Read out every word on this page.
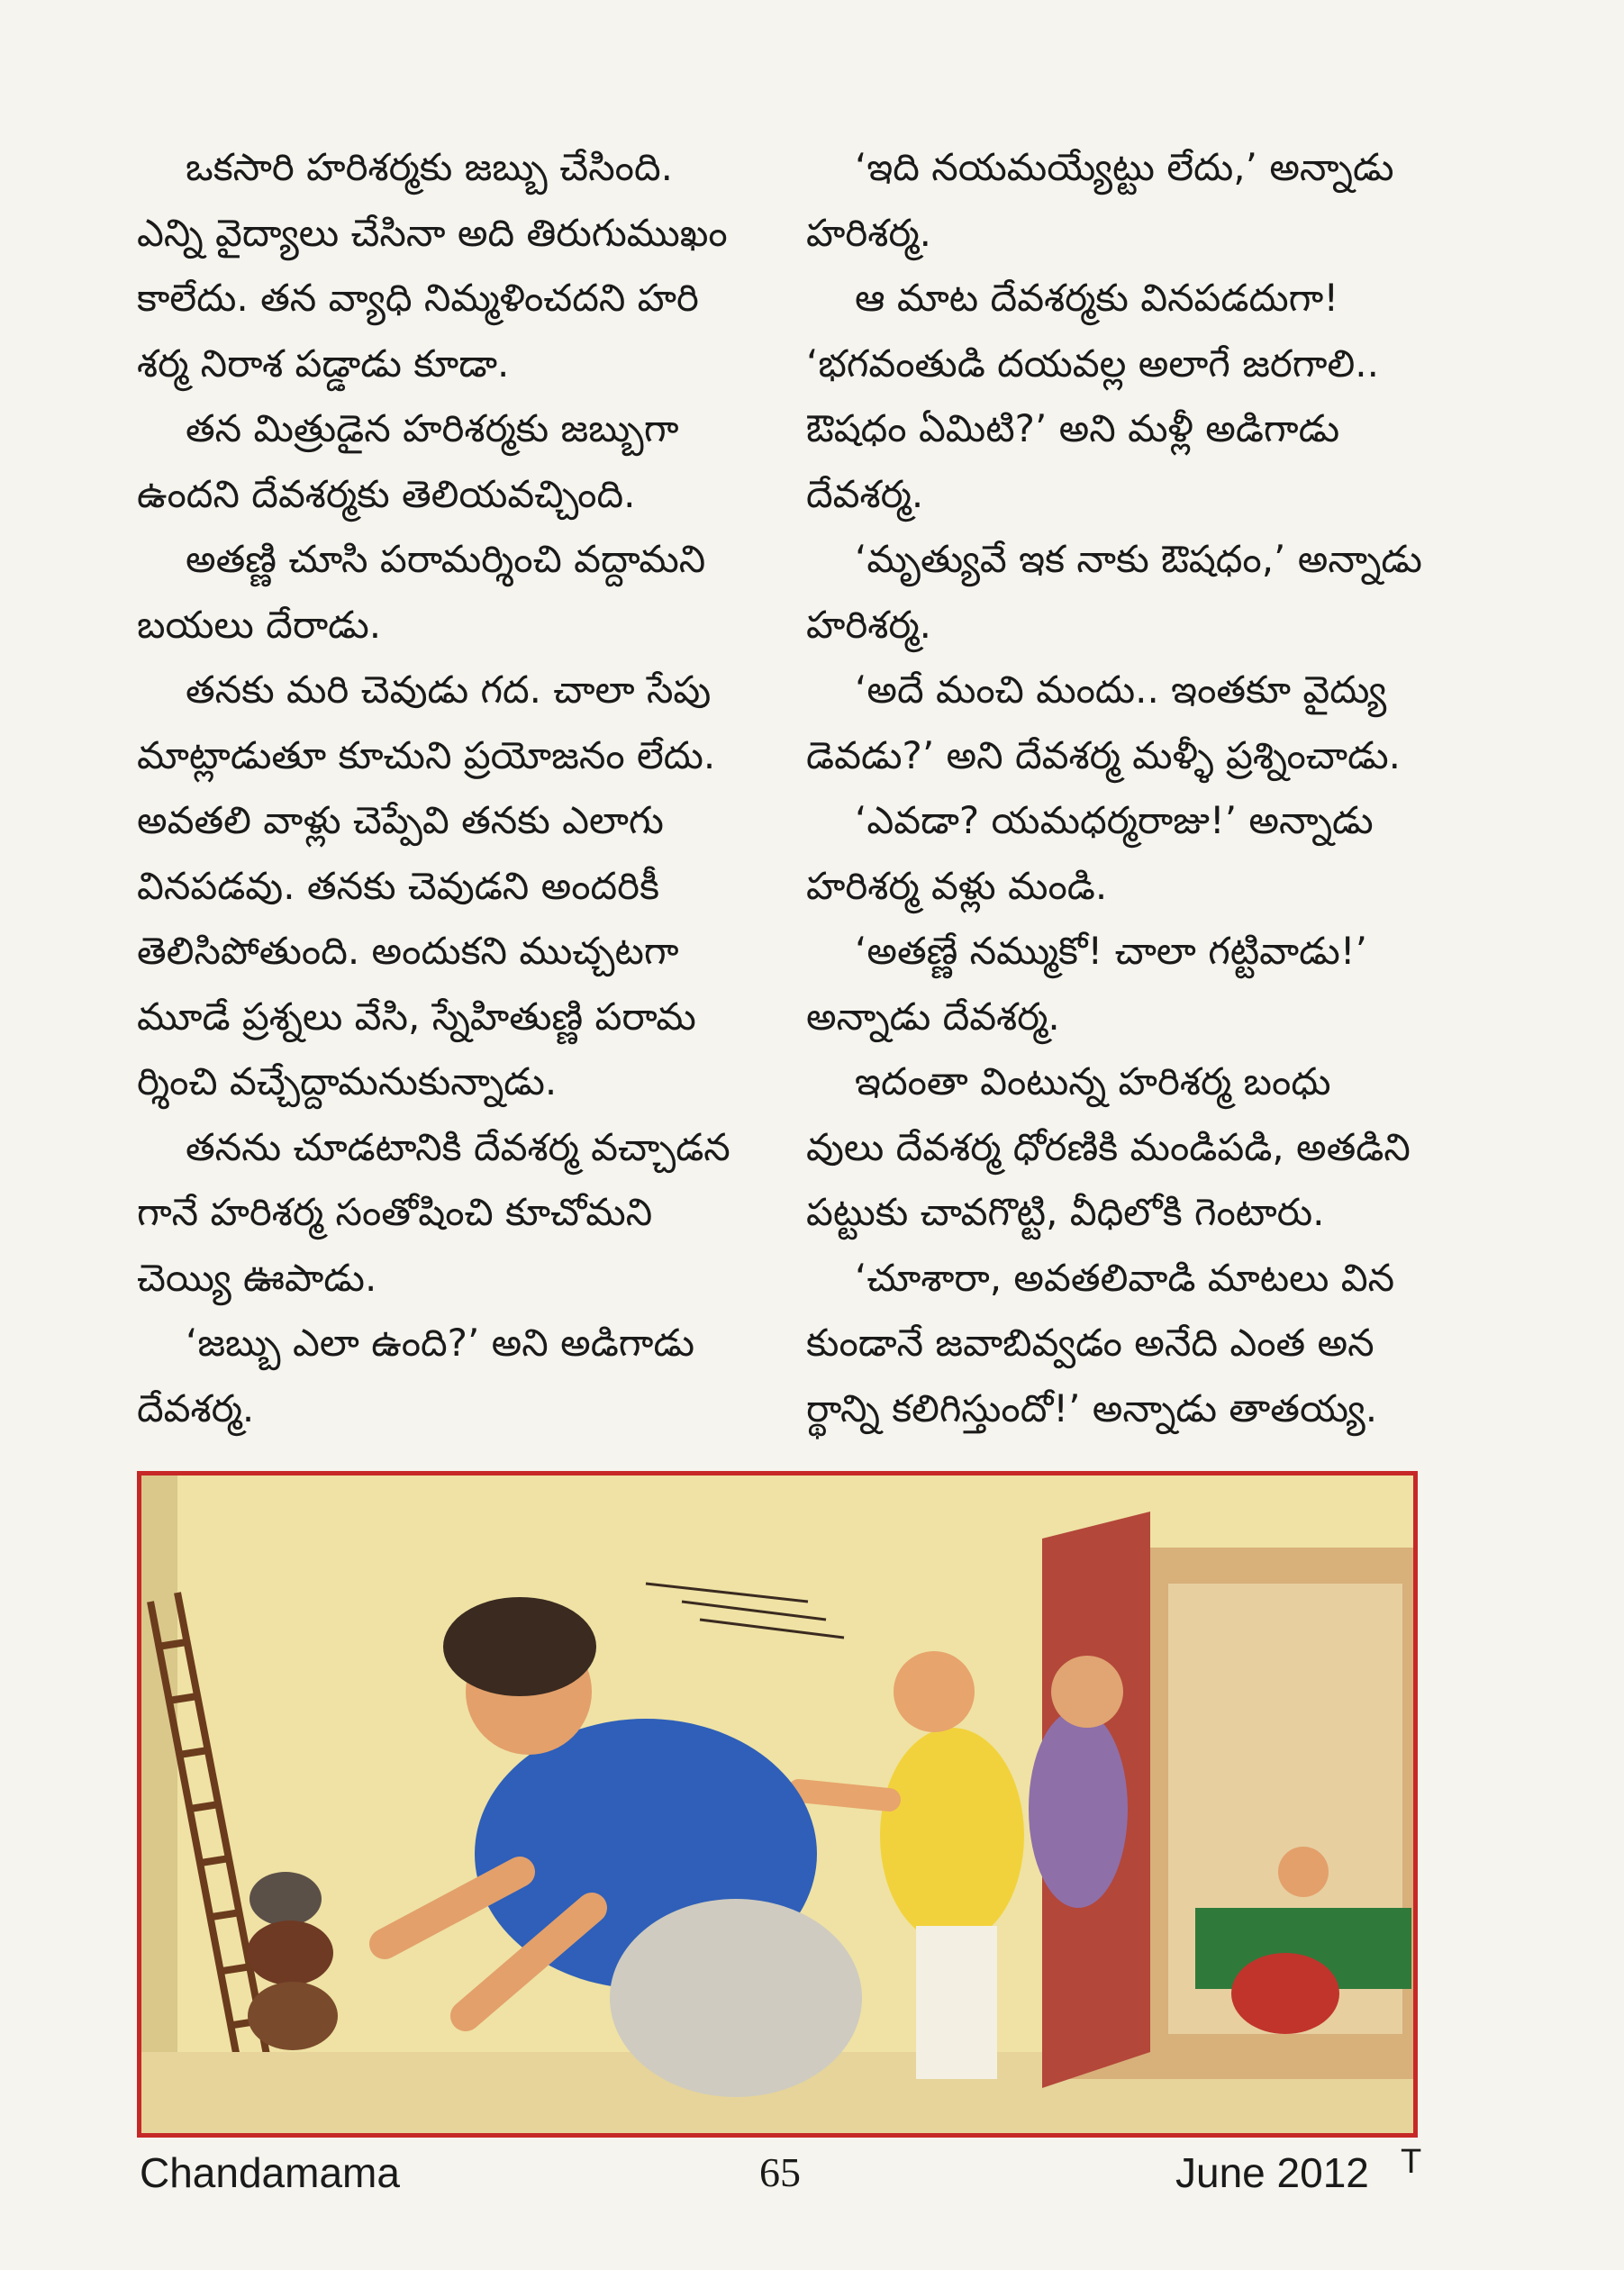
ఒకసారి హరిశర్మకు జబ్బు చేసింది.
ఎన్ని వైద్యాలు చేసినా అది తిరుగుముఖం
కాలేదు. తన వ్యాధి నిమ్మళించదని హరి
శర్మ నిరాశ పడ్డాడు కూడా.
తన మిత్రుడైన హరిశర్మకు జబ్బుగా
ఉందని దేవశర్మకు తెలియవచ్చింది.
అతణ్ణి చూసి పరామర్శించి వద్దామని
బయలు దేరాడు.
తనకు మరి చెవుడు గద. చాలా సేపు
మాట్లాడుతూ కూచుని ప్రయోజనం లేదు.
అవతలి వాళ్లు చెప్పేవి తనకు ఎలాగు
వినపడవు. తనకు చెవుడని అందరికీ
తెలిసిపోతుంది. అందుకని ముచ్చటగా
మూడే ప్రశ్నలు వేసి, స్నేహితుణ్ణి పరామ
ర్శించి వచ్చేద్దామనుకున్నాడు.
తనను చూడటానికి దేవశర్మ వచ్చాడన
గానే హరిశర్మ సంతోషించి కూచోమని
చెయ్యి ఊపాడు.
‘జబ్బు ఎలా ఉంది?’ అని అడిగాడు
దేవశర్మ.
‘ఇది నయమయ్యేట్టు లేదు,’ అన్నాడు
హరిశర్మ.
ఆ మాట దేవశర్మకు వినపడదుగా!
‘భగవంతుడి దయవల్ల అలాగే జరగాలి..
ఔషధం ఏమిటి?’ అని మళ్లీ అడిగాడు
దేవశర్మ.
‘మృత్యువే ఇక నాకు ఔషధం,’ అన్నాడు
హరిశర్మ.
‘అదే మంచి మందు.. ఇంతకూ వైద్యు
డెవడు?’ అని దేవశర్మ మళ్ళీ ప్రశ్నించాడు.
‘ఎవడా? యమధర్మరాజు!’ అన్నాడు
హరిశర్మ వళ్లు మండి.
‘అతణ్ణే నమ్ముకో! చాలా గట్టివాడు!’
అన్నాడు దేవశర్మ.
ఇదంతా వింటున్న హరిశర్మ బంధు
వులు దేవశర్మ ధోరణికి మండిపడి, అతడిని
పట్టుకు చావగొట్టి, వీధిలోకి గెంటారు.
‘చూశారా, అవతలివాడి మాటలు విన
కుండానే జవాబివ్వడం అనేది ఎంత అన
ర్థాన్ని కలిగిస్తుందో!’ అన్నాడు తాతయ్య.
Chandamama	65	June 2012 T
